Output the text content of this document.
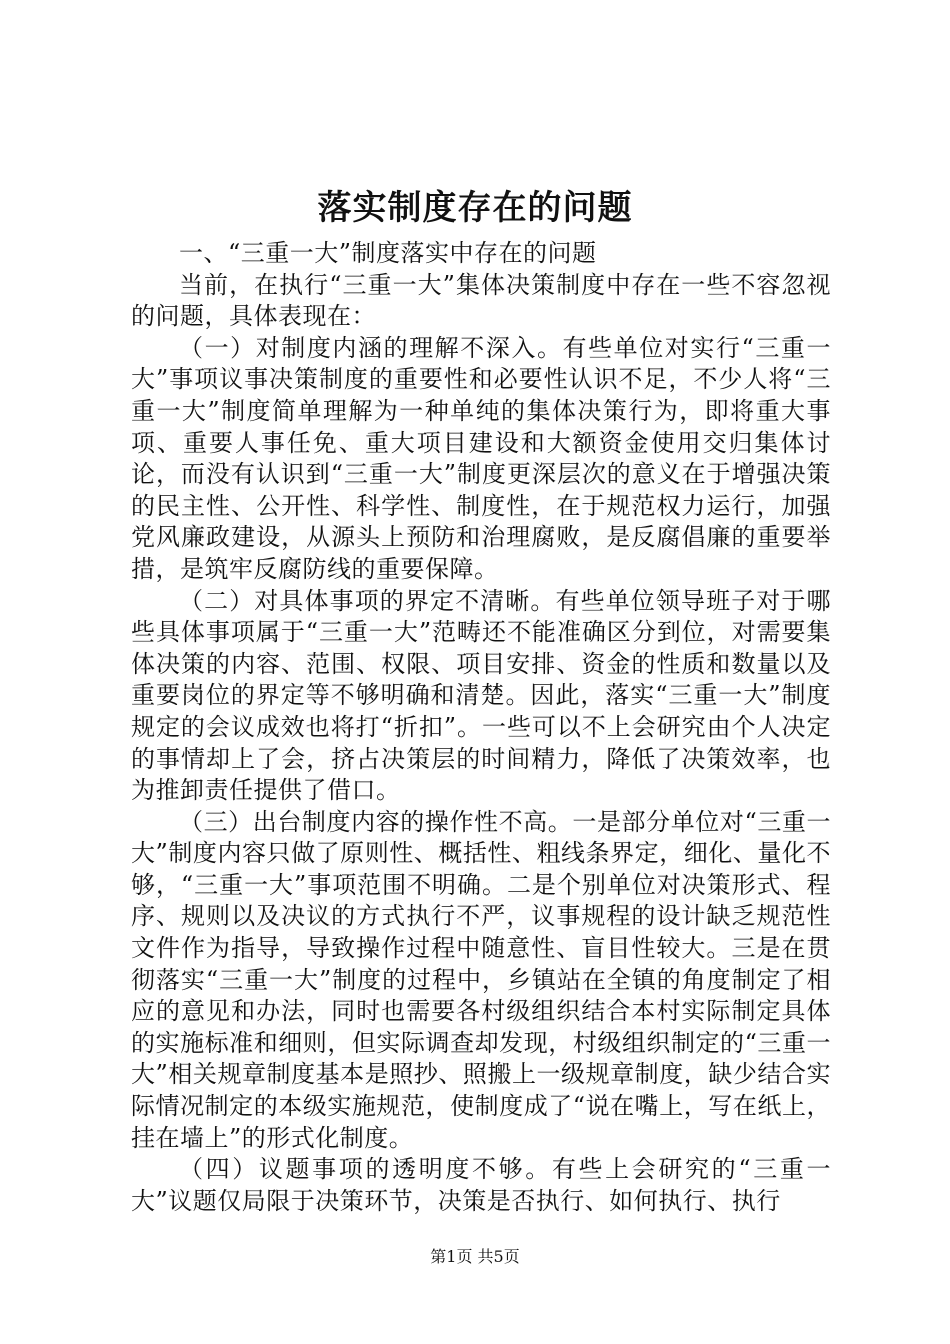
落实制度存在的问题

一、“三重一大”制度落实中存在的问题

当前，在执行“三重一大”集体决策制度中存在一些不容忽视的问题，具体表现在：

（一）对制度内涵的理解不深入。有些单位对实行“三重一大”事项议事决策制度的重要性和必要性认识不足，不少人将“三重一大”制度简单理解为一种单纯的集体决策行为，即将重大事项、重要人事任免、重大项目建设和大额资金使用交归集体讨论，而没有认识到“三重一大”制度更深层次的意义在于增强决策的民主性、公开性、科学性、制度性，在于规范权力运行，加强党风廉政建设，从源头上预防和治理腐败，是反腐倡廉的重要举措，是筑牢反腐防线的重要保障。

（二）对具体事项的界定不清晰。有些单位领导班子对于哪些具体事项属于“三重一大”范畴还不能准确区分到位，对需要集体决策的内容、范围、权限、项目安排、资金的性质和数量以及重要岗位的界定等不够明确和清楚。因此，落实“三重一大”制度规定的会议成效也将打“折扣”。一些可以不上会研究由个人决定的事情却上了会，挤占决策层的时间精力，降低了决策效率，也为推卸责任提供了借口。

（三）出台制度内容的操作性不高。一是部分单位对“三重一大”制度内容只做了原则性、概括性、粗线条界定，细化、量化不够，“三重一大”事项范围不明确。二是个别单位对决策形式、程序、规则以及决议的方式执行不严，议事规程的设计缺乏规范性文件作为指导，导致操作过程中随意性、盲目性较大。三是在贯彻落实“三重一大”制度的过程中，乡镇站在全镇的角度制定了相应的意见和办法，同时也需要各村级组织结合本村实际制定具体的实施标准和细则，但实际调查却发现，村级组织制定的“三重一大”相关规章制度基本是照抄、照搬上一级规章制度，缺少结合实际情况制定的本级实施规范，使制度成了“说在嘴上，写在纸上，挂在墙上”的形式化制度。

（四）议题事项的透明度不够。有些上会研究的“三重一大”议题仅局限于决策环节，决策是否执行、如何执行、执行

第1页 共5页
